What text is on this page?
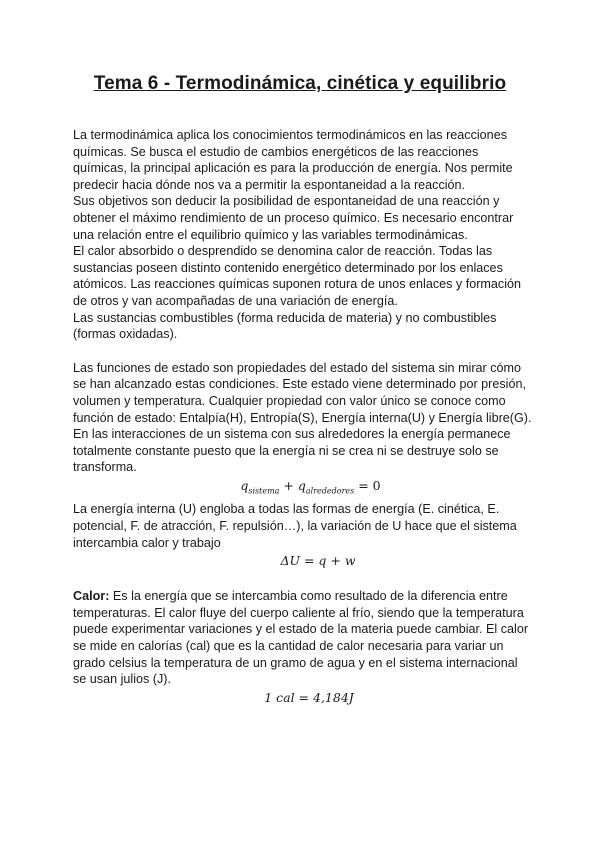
Tema 6 - Termodinámica, cinética y equilibrio

La termodinámica aplica los conocimientos termodinámicos en las reacciones químicas. Se busca el estudio de cambios energéticos de las reacciones químicas, la principal aplicación es para la producción de energía. Nos permite predecir hacia dónde nos va a permitir la espontaneidad a la reacción.

Sus objetivos son deducir la posibilidad de espontaneidad de una reacción y obtener el máximo rendimiento de un proceso químico. Es necesario encontrar una relación entre el equilibrio químico y las variables termodinámicas.

El calor absorbido o desprendido se denomina calor de reacción. Todas las sustancias poseen distinto contenido energético determinado por los enlaces atómicos. Las reacciones químicas suponen rotura de unos enlaces y formación de otros y van acompañadas de una variación de energía.

Las sustancias combustibles (forma reducida de materia) y no combustibles (formas oxidadas).

Las funciones de estado son propiedades del estado del sistema sin mirar cómo se han alcanzado estas condiciones. Este estado viene determinado por presión, volumen y temperatura. Cualquier propiedad con valor único se conoce como función de estado: Entalpía(H), Entropía(S), Energía interna(U) y Energía libre(G).

En las interacciones de un sistema con sus alrededores la energía permanece totalmente constante puesto que la energía ni se crea ni se destruye solo se transforma.

$q_{sistema} + q_{alrededores} = 0$

La energía interna (U) engloba a todas las formas de energía (E. cinética, E. potencial, F. de atracción, F. repulsión…), la variación de U hace que el sistema intercambia calor y trabajo

ΔU = q + w

Calor: Es la energía que se intercambia como resultado de la diferencia entre temperaturas. El calor fluye del cuerpo caliente al frío, siendo que la temperatura puede experimentar variaciones y el estado de la materia puede cambiar. El calor se mide en calorías (cal) que es la cantidad de calor necesaria para variar un grado celsius la temperatura de un gramo de agua y en el sistema internacional se usan julios (J).

1 cal = 4,184J
